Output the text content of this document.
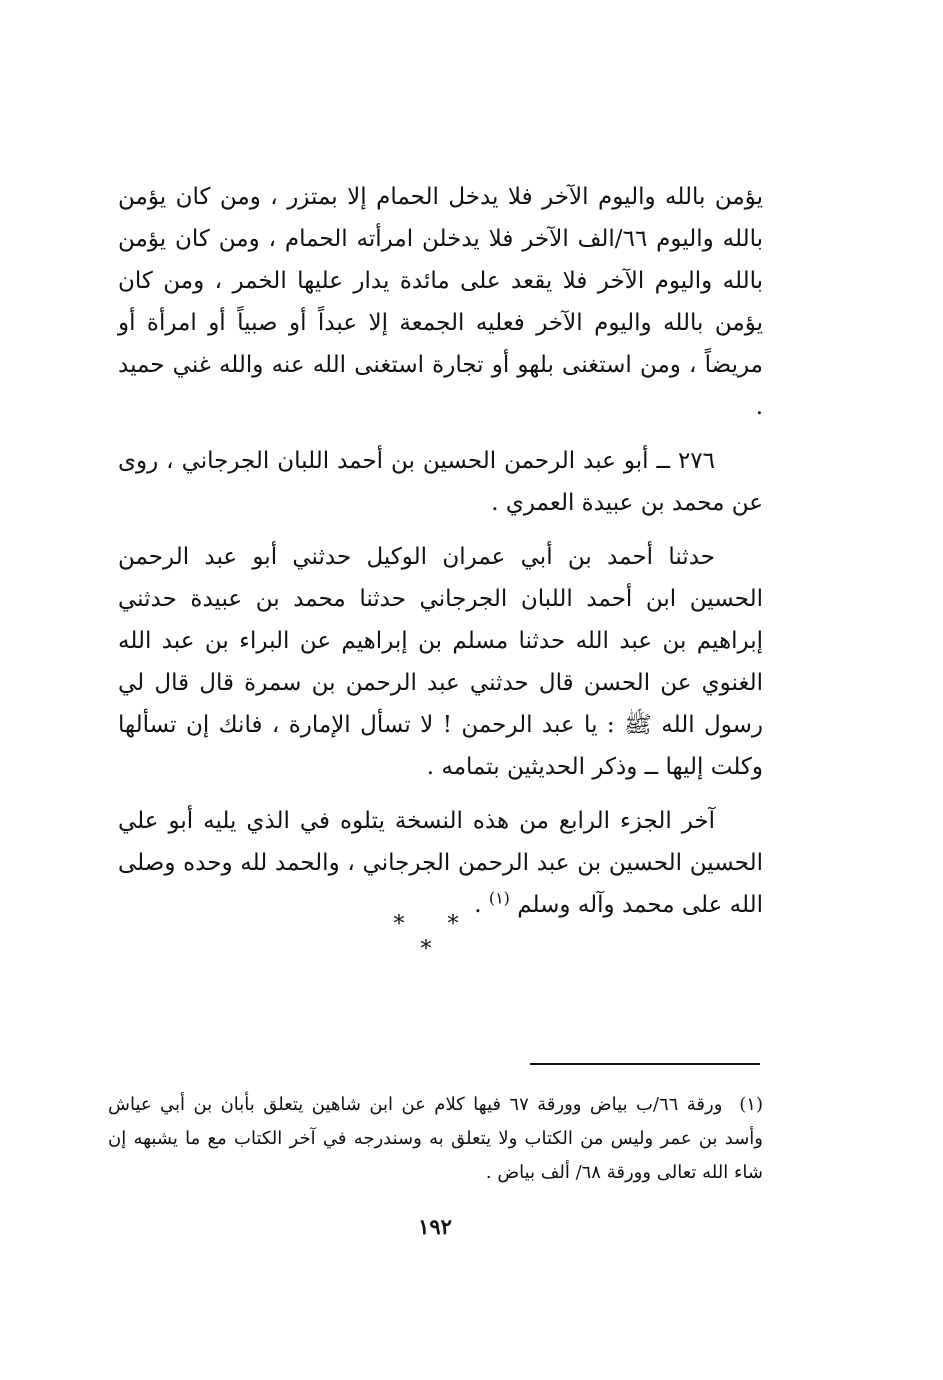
يؤمن بالله واليوم الآخر فلا يدخل الحمام إلا بمتزر ، ومن كان يؤمن بالله واليوم ٦٦/الف الآخر فلا يدخلن امرأته الحمام ، ومن كان يؤمن بالله واليوم الآخر فلا يقعد على مائدة يدار عليها الخمر ، ومن كان يؤمن بالله واليوم الآخر فعليه الجمعة إلا عبداً أو صبياً أو امرأة أو مريضاً ، ومن استغنى بلهو أو تجارة استغنى الله عنه والله غني حميد .

٢٧٦ ــ أبو عبد الرحمن الحسين بن أحمد اللبان الجرجاني ، روى عن محمد بن عبيدة العمري .

حدثنا أحمد بن أبي عمران الوكيل حدثني أبو عبد الرحمن الحسين ابن أحمد اللبان الجرجاني حدثنا محمد بن عبيدة حدثني إبراهيم بن عبد الله حدثنا مسلم بن إبراهيم عن البراء بن عبد الله الغنوي عن الحسن قال حدثني عبد الرحمن بن سمرة قال قال لي رسول الله ﷺ : يا عبد الرحمن ! لا تسأل الإمارة ، فانك إن تسألها وكلت إليها ــ وذكر الحديثين بتمامه .

آخر الجزء الرابع من هذه النسخة يتلوه في الذي يليه أبو علي الحسين الحسين بن عبد الرحمن الجرجاني ، والحمد لله وحده وصلى الله على محمد وآله وسلم $^{(١)}$ .

* * *

(١)  ورقة ٦٦/ب بياض وورقة ٦٧ فيها كلام عن ابن شاهين يتعلق بأبان بن أبي عياش وأسد بن عمر وليس من الكتاب ولا يتعلق به وسندرجه في آخر الكتاب مع ما يشبهه إن شاء الله تعالى وورقة ٦٨/ ألف بياض .

١٩٢
